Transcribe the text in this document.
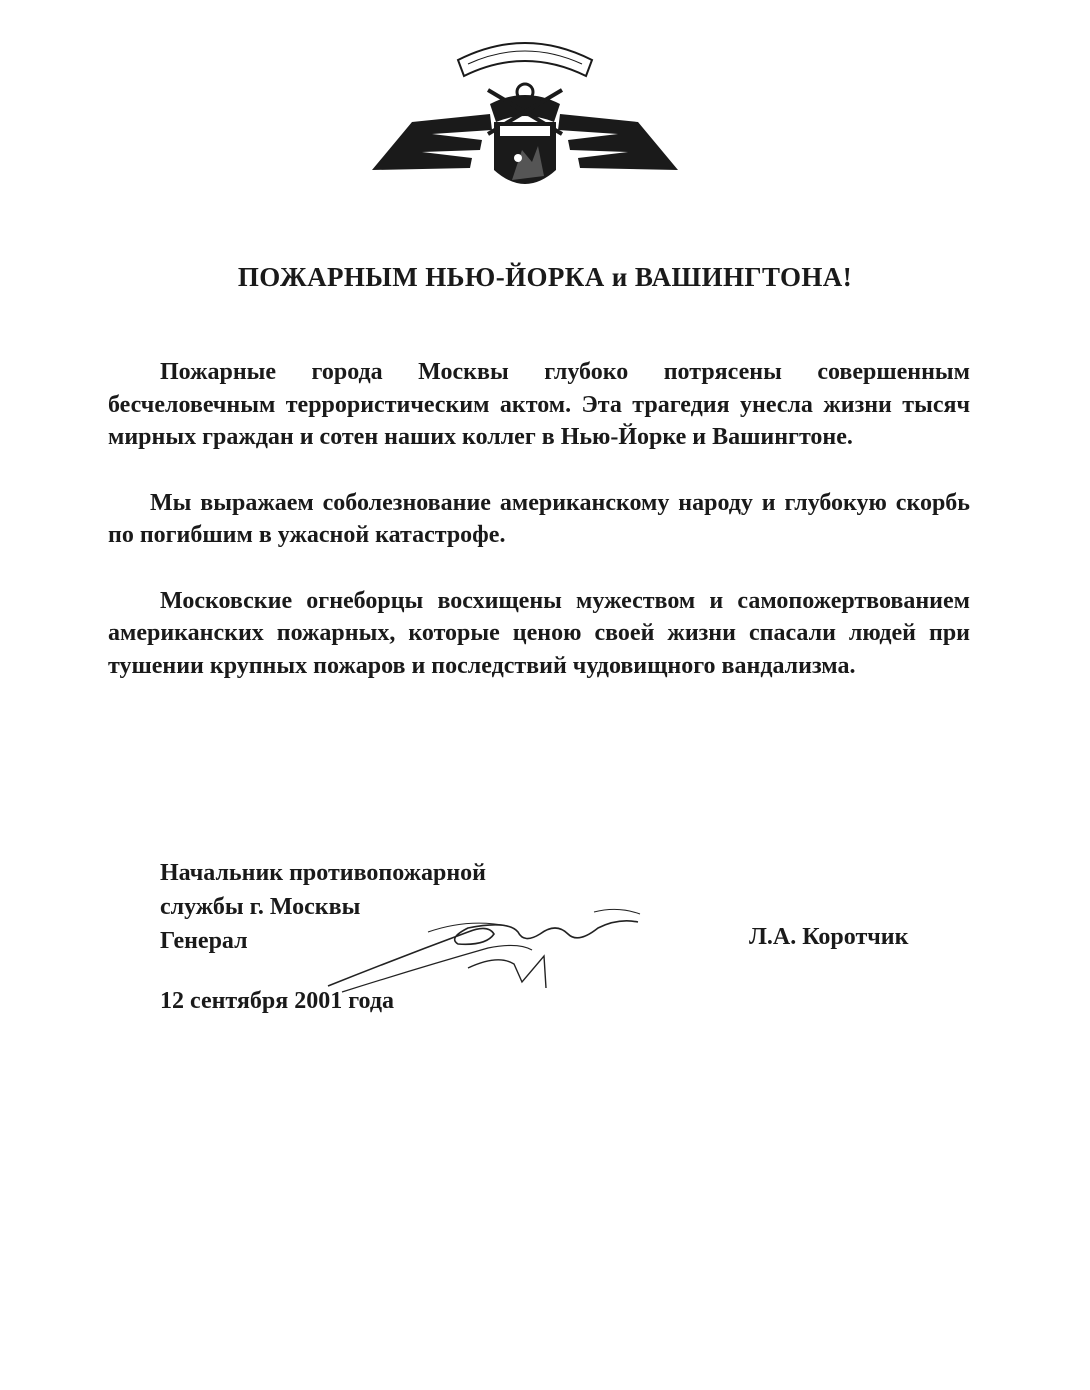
ПОЖАРНЫМ НЬЮ-ЙОРКА и ВАШИНГТОНА!

Пожарные города Москвы глубоко потрясены совершенным бесчеловечным террористическим актом. Эта трагедия унесла жизни тысяч мирных граждан и сотен наших коллег в Нью-Йорке и Вашингтоне.

Мы выражаем соболезнование американскому народу и глубокую скорбь по погибшим в ужасной катастрофе.

Московские огнеборцы восхищены мужеством и самопожертвованием американских пожарных, которые ценою своей жизни спасали людей при тушении крупных пожаров и последствий чудовищного вандализма.

Начальник противопожарной
службы г. Москвы
Генерал	Л.А. Коротчик
12 сентября 2001 года
